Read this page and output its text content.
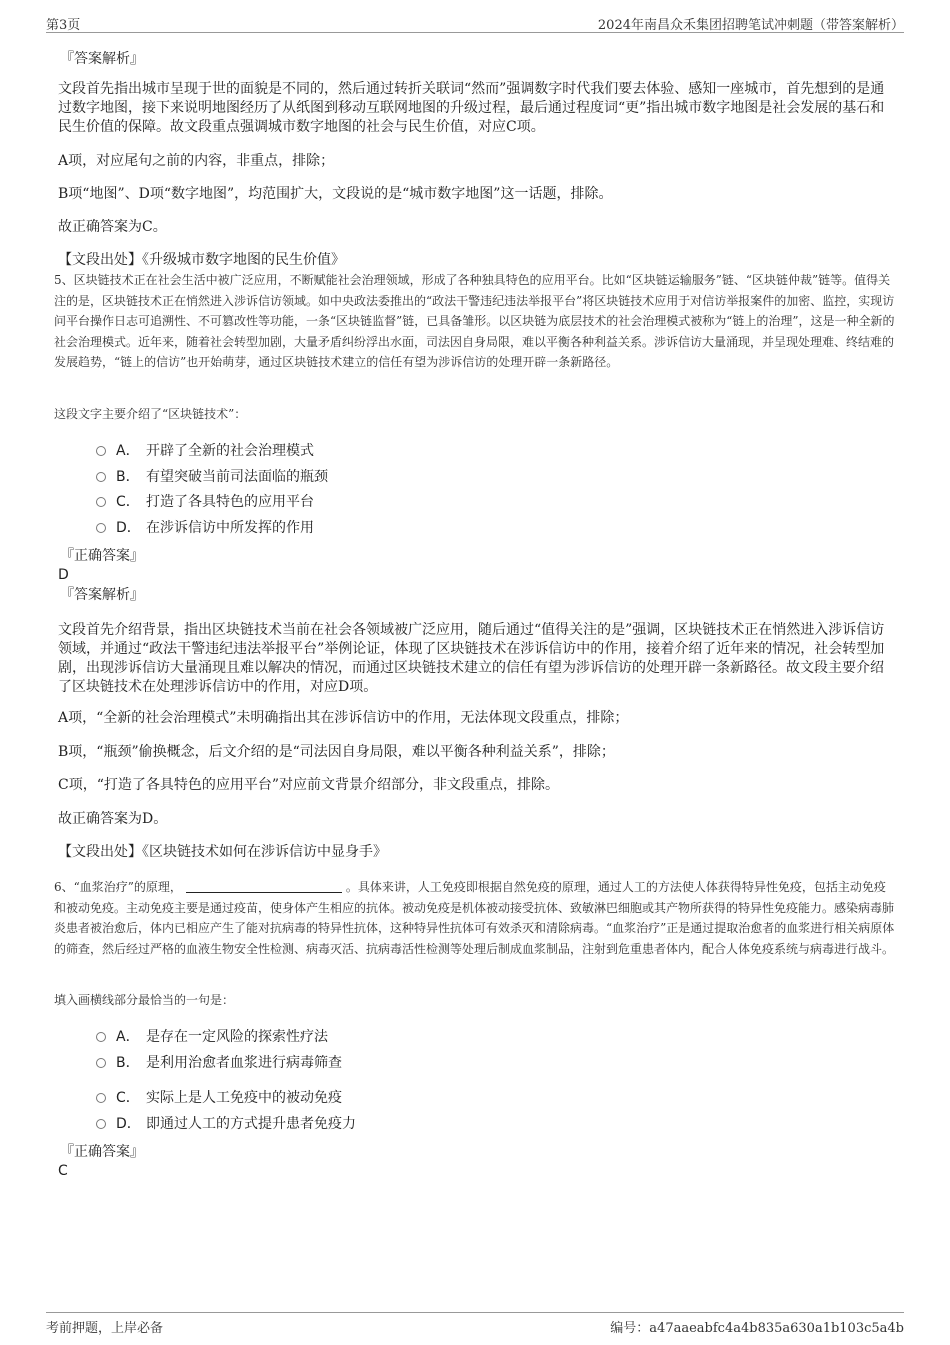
第3页	2024年南昌众禾集团招聘笔试冲刺题（带答案解析）
『答案解析』
文段首先指出城市呈现于世的面貌是不同的，然后通过转折关联词“然而”强调数字时代我们要去体验、感知一座城市，首先想到的是通过数字地图，接下来说明地图经历了从纸图到移动互联网地图的升级过程，最后通过程度词“更”指出城市数字地图是社会发展的基石和民生价值的保障。故文段重点强调城市数字地图的社会与民生价值，对应C项。
A项，对应尾句之前的内容，非重点，排除；
B项“地图”、D项“数字地图”，均范围扩大，文段说的是“城市数字地图”这一话题，排除。
故正确答案为C。
【文段出处】《升级城市数字地图的民生价值》
5、区块链技术正在社会生活中被广泛应用，不断赋能社会治理领域，形成了各种独具特色的应用平台。比如“区块链运输服务”链、“区块链仲裁”链等。值得关注的是，区块链技术正在悄然进入涉诉信访领域。如中央政法委推出的“政法干警违纪违法举报平台”将区块链技术应用于对信访举报案件的加密、监控，实现访问平台操作日志可追溯性、不可篡改性等功能，一条“区块链监督”链，已具备雏形。以区块链为底层技术的社会治理模式被称为“链上的治理”，这是一种全新的社会治理模式。近年来，随着社会转型加剧，大量矛盾纠纷浮出水面，司法因自身局限，难以平衡各种利益关系。涉诉信访大量涌现，并呈现处理难、终结难的发展趋势，“链上的信访”也开始萌芽，通过区块链技术建立的信任有望为涉诉信访的处理开辟一条新路径。
这段文字主要介绍了“区块链技术”：
A． 开辟了全新的社会治理模式
B． 有望突破当前司法面临的瓶颈
C． 打造了各具特色的应用平台
D． 在涉诉信访中所发挥的作用
『正确答案』
D
『答案解析』
文段首先介绍背景，指出区块链技术当前在社会各领域被广泛应用，随后通过“值得关注的是”强调，区块链技术正在悄然进入涉诉信访领域，并通过“政法干警违纪违法举报平台”举例论证，体现了区块链技术在涉诉信访中的作用，接着介绍了近年来的情况，社会转型加剧，出现涉诉信访大量涌现且难以解决的情况，而通过区块链技术建立的信任有望为涉诉信访的处理开辟一条新路径。故文段主要介绍了区块链技术在处理涉诉信访中的作用，对应D项。
A项，“全新的社会治理模式”未明确指出其在涉诉信访中的作用，无法体现文段重点，排除；
B项，“瓶颈”偷换概念，后文介绍的是“司法因自身局限，难以平衡各种利益关系”，排除；
C项，“打造了各具特色的应用平台”对应前文背景介绍部分，非文段重点，排除。
故正确答案为D。
【文段出处】《区块链技术如何在涉诉信访中显身手》
6、“血浆治疗”的原理，	。具体来讲，人工免疫即根据自然免疫的原理，通过人工的方法使人体获得特异性免疫，包括主动免疫和被动免疫。主动免疫主要是通过疫苗，使身体产生相应的抗体。被动免疫是机体被动接受抗体、致敏淋巴细胞或其产物所获得的特异性免疫能力。感染病毒肺炎患者被治愈后，体内已相应产生了能对抗病毒的特异性抗体，这种特异性抗体可有效杀灭和清除病毒。“血浆治疗”正是通过提取治愈者的血浆进行相关病原体的筛查，然后经过严格的血液生物安全性检测、病毒灭活、抗病毒活性检测等处理后制成血浆制品，注射到危重患者体内，配合人体免疫系统与病毒进行战斗。
填入画横线部分最恰当的一句是：
A． 是存在一定风险的探索性疗法
B． 是利用治愈者血浆进行病毒筛查
C． 实际上是人工免疫中的被动免疫
D． 即通过人工的方式提升患者免疫力
『正确答案』
C
考前押题，上岸必备	编号：a47aaeabfc4a4b835a630a1b103c5a4b
